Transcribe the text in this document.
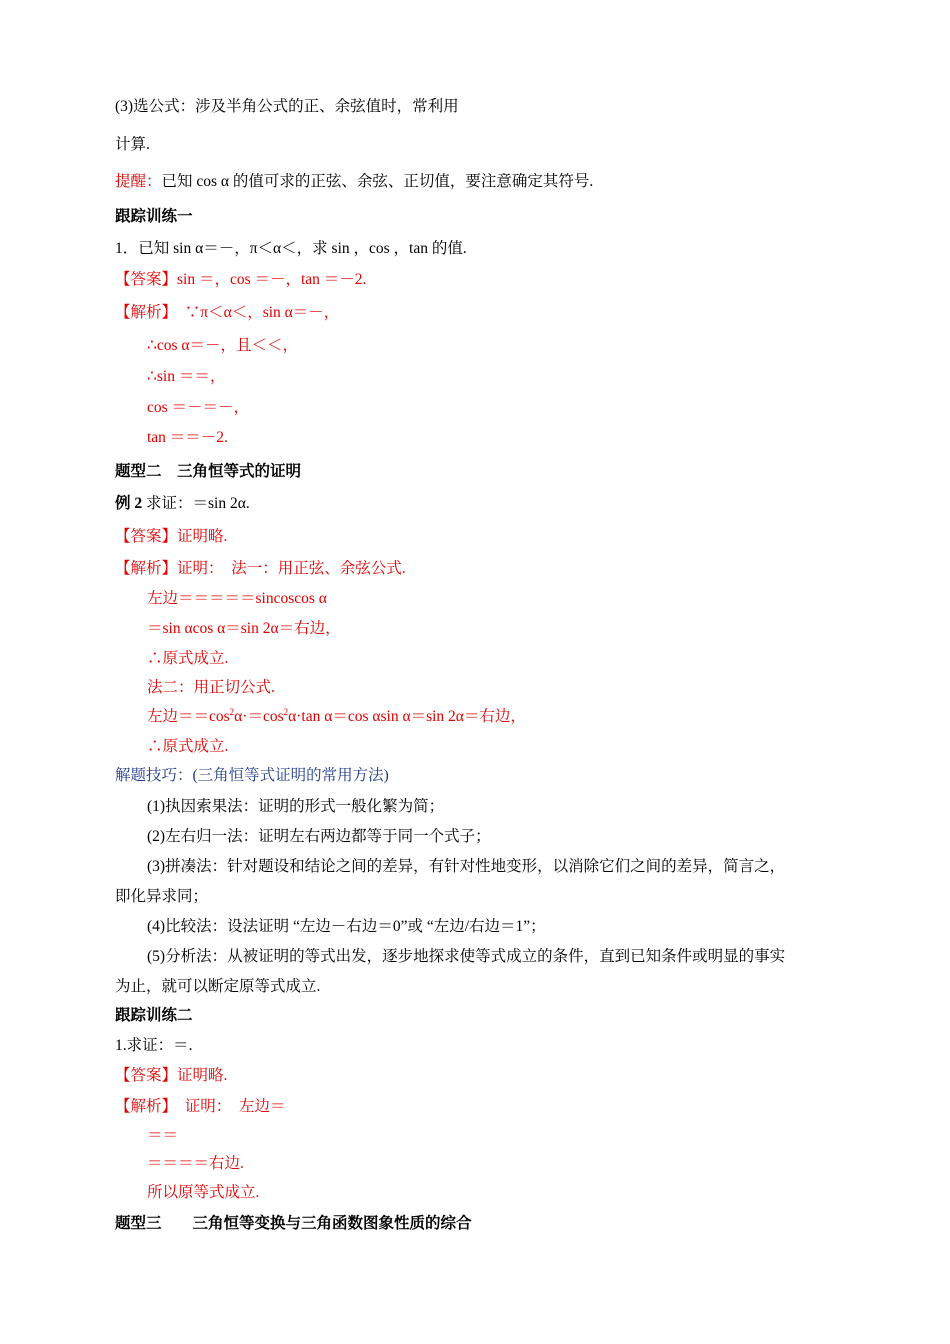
(3)选公式：涉及半角公式的正、余弦值时，常利用
计算.
提醒：已知 cos α 的值可求的正弦、余弦、正切值，要注意确定其符号.
跟踪训练一
1．已知 sin α＝－，π＜α＜，求 sin ，cos ，tan 的值.
【答案】sin ＝，cos ＝－，tan ＝－2.
【解析】　∵π＜α＜，sin α＝－，
∴cos α＝－，且＜＜，
∴sin ＝＝，
cos ＝－＝－，
tan ＝＝－2.
题型二　三角恒等式的证明
例 2 求证：＝sin 2α.
【答案】证明略.
【解析】证明：　法一：用正弦、余弦公式.
左边＝＝＝＝＝sincoscos α
＝sin αcos α＝sin 2α＝右边，
∴原式成立.
法二：用正切公式.
左边$==\cos^2\alpha\cdot=\cos^2\alpha\cdot\tan$ α＝cos αsin α＝sin 2α＝右边，
∴原式成立.
解题技巧：(三角恒等式证明的常用方法)
(1)执因索果法：证明的形式一般化繁为简；
(2)左右归一法：证明左右两边都等于同一个式子；
(3)拼凑法：针对题设和结论之间的差异，有针对性地变形，以消除它们之间的差异，简言之，
即化异求同；
(4)比较法：设法证明 “左边－右边＝0”或 “左边/右边＝1”；
(5)分析法：从被证明的等式出发，逐步地探求使等式成立的条件，直到已知条件或明显的事实
为止，就可以断定原等式成立.
跟踪训练二
1.求证：＝.
【答案】证明略.
【解析】　证明：　左边＝
＝＝
＝＝＝＝右边.
所以原等式成立.
题型三　　三角恒等变换与三角函数图象性质的综合
